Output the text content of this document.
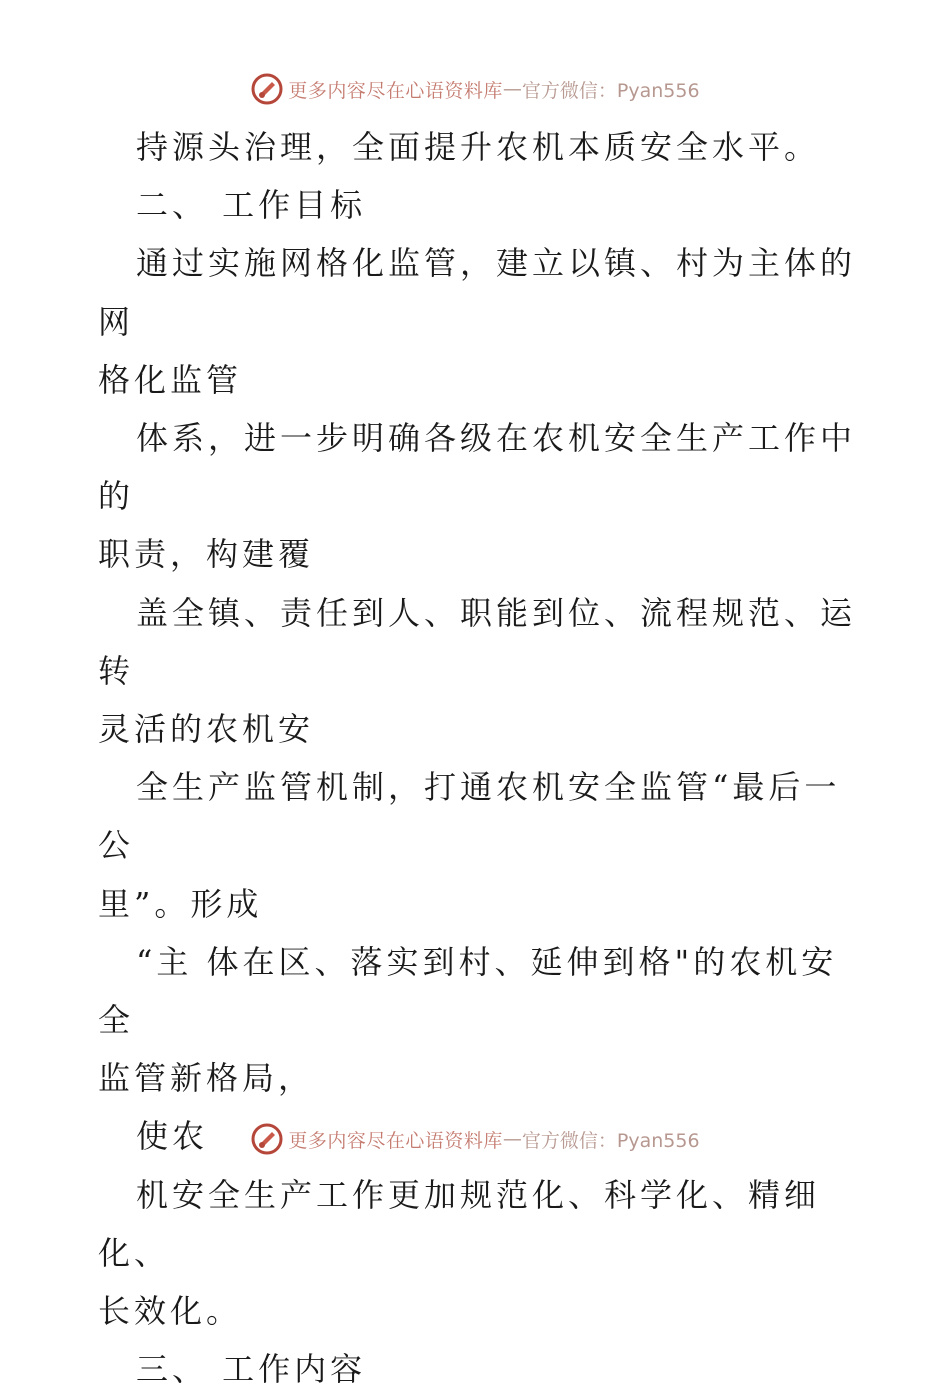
更多内容尽在心语资料库 — 官方微信：Pyan556

持源头治理，全面提升农机本质安全水平。

二、 工作目标

通过实施网格化监管，建立以镇、村为主体的网

格化监管

体系，进一步明确各级在农机安全生产工作中的

职责，构建覆

盖全镇、责任到人、职能到位、流程规范、运转

灵活的农机安

全生产监管机制，打通农机安全监管“最后一公

里”。形成

“主 体在区、落实到村、延伸到格"的农机安全

监管新格局，

使农

机安全生产工作更加规范化、科学化、精细化、

长效化。

三、 工作内容

更多内容尽在心语资料库 — 官方微信：Pyan556
